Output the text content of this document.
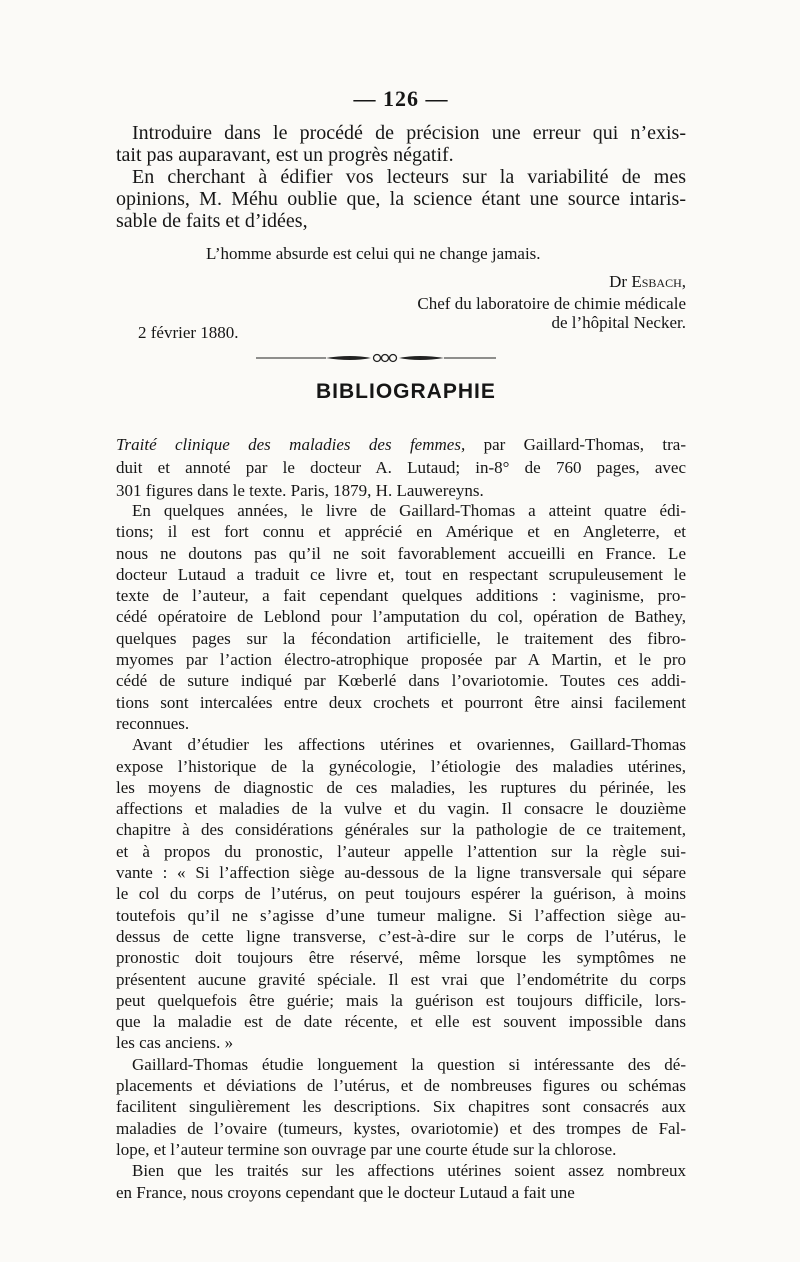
— 126 —
Introduire dans le procédé de précision une erreur qui n’exis-
tait pas auparavant, est un progrès négatif.
En cherchant à édifier vos lecteurs sur la variabilité de mes
opinions, M. Méhu oublie que, la science étant une source intaris-
sable de faits et d’idées,
L’homme absurde est celui qui ne change jamais.
Dr Esbach,
Chef du laboratoire de chimie médicale
de l’hôpital Necker.
2 février 1880.
BIBLIOGRAPHIE
Traité clinique des maladies des femmes, par Gaillard-Thomas, tra-
duit et annoté par le docteur A. Lutaud; in-8° de 760 pages, avec
301 figures dans le texte. Paris, 1879, H. Lauwereyns.
En quelques années, le livre de Gaillard-Thomas a atteint quatre édi-
tions; il est fort connu et apprécié en Amérique et en Angleterre, et
nous ne doutons pas qu’il ne soit favorablement accueilli en France. Le
docteur Lutaud a traduit ce livre et, tout en respectant scrupuleusement le
texte de l’auteur, a fait cependant quelques additions : vaginisme, pro-
cédé opératoire de Leblond pour l’amputation du col, opération de Bathey,
quelques pages sur la fécondation artificielle, le traitement des fibro-
myomes par l’action électro-atrophique proposée par A Martin, et le pro
cédé de suture indiqué par Kœberlé dans l’ovariotomie. Toutes ces addi-
tions sont intercalées entre deux crochets et pourront être ainsi facilement
reconnues.
Avant d’étudier les affections utérines et ovariennes, Gaillard-Thomas
expose l’historique de la gynécologie, l’étiologie des maladies utérines,
les moyens de diagnostic de ces maladies, les ruptures du périnée, les
affections et maladies de la vulve et du vagin. Il consacre le douzième
chapitre à des considérations générales sur la pathologie de ce traitement,
et à propos du pronostic, l’auteur appelle l’attention sur la règle sui-
vante : « Si l’affection siège au-dessous de la ligne transversale qui sépare
le col du corps de l’utérus, on peut toujours espérer la guérison, à moins
toutefois qu’il ne s’agisse d’une tumeur maligne. Si l’affection siège au-
dessus de cette ligne transverse, c’est-à-dire sur le corps de l’utérus, le
pronostic doit toujours être réservé, même lorsque les symptômes ne
présentent aucune gravité spéciale. Il est vrai que l’endométrite du corps
peut quelquefois être guérie; mais la guérison est toujours difficile, lors-
que la maladie est de date récente, et elle est souvent impossible dans
les cas anciens. »
Gaillard-Thomas étudie longuement la question si intéressante des dé-
placements et déviations de l’utérus, et de nombreuses figures ou schémas
facilitent singulièrement les descriptions. Six chapitres sont consacrés aux
maladies de l’ovaire (tumeurs, kystes, ovariotomie) et des trompes de Fal-
lope, et l’auteur termine son ouvrage par une courte étude sur la chlorose.
Bien que les traités sur les affections utérines soient assez nombreux
en France, nous croyons cependant que le docteur Lutaud a fait une
